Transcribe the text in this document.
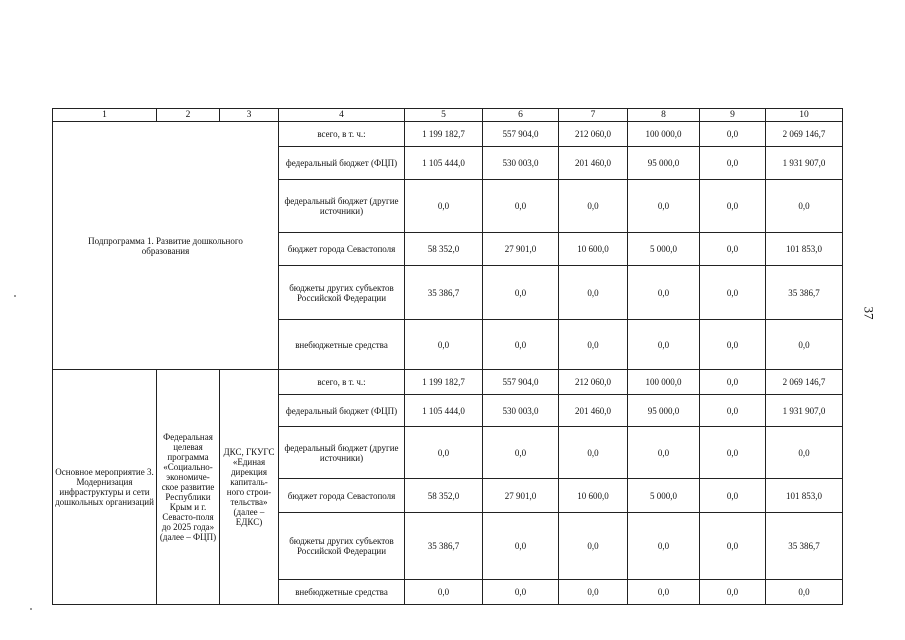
37
1	2	3	4	5	6	7	8	9	10
Подпрограмма 1. Развитие дошкольного образования			всего, в т. ч.:	1 199 182,7	557 904,0	212 060,0	100 000,0	0,0	2 069 146,7
			федеральный бюджет (ФЦП)	1 105 444,0	530 003,0	201 460,0	95 000,0	0,0	1 931 907,0
			федеральный бюджет (другие источники)	0,0	0,0	0,0	0,0	0,0	0,0
			бюджет города Севастополя	58 352,0	27 901,0	10 600,0	5 000,0	0,0	101 853,0
			бюджеты других субъектов Российской Федерации	35 386,7	0,0	0,0	0,0	0,0	35 386,7
			внебюджетные средства	0,0	0,0	0,0	0,0	0,0	0,0
Основное мероприятие 3. Модернизация инфраструктуры и сети дошкольных организаций	Федеральная целевая программа «Социально-экономиче-ское развитие Республики Крым и г. Севасто-поля до 2025 года» (далее – ФЦП)	ДКС, ГКУГС «Единая дирекция капиталь-ного строи-тельства» (далее – ЕДКС)	всего, в т. ч.:	1 199 182,7	557 904,0	212 060,0	100 000,0	0,0	2 069 146,7
			федеральный бюджет (ФЦП)	1 105 444,0	530 003,0	201 460,0	95 000,0	0,0	1 931 907,0
			федеральный бюджет (другие источники)	0,0	0,0	0,0	0,0	0,0	0,0
			бюджет города Севастополя	58 352,0	27 901,0	10 600,0	5 000,0	0,0	101 853,0
			бюджеты других субъектов Российской Федерации	35 386,7	0,0	0,0	0,0	0,0	35 386,7
			внебюджетные средства	0,0	0,0	0,0	0,0	0,0	0,0
